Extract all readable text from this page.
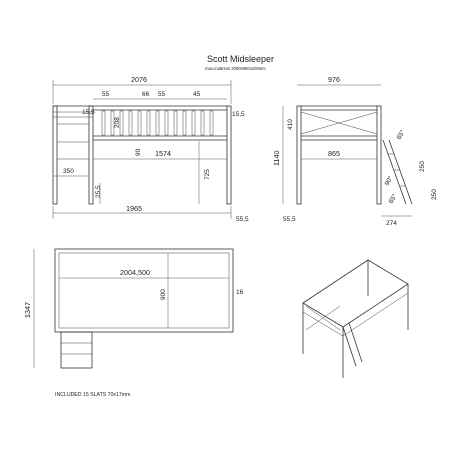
Scott Midsleeper
max.mattress 2000x900x200mm
2076
55	66 55	45
15,5	15,5
208
90 1574
350	725
25,5
1965
55,5
976
1140
410
865
65°
250
250
90°
65°
274
55,5
2004,500
900	16
1347
INCLUDED 15 SLATS 70x17mm
